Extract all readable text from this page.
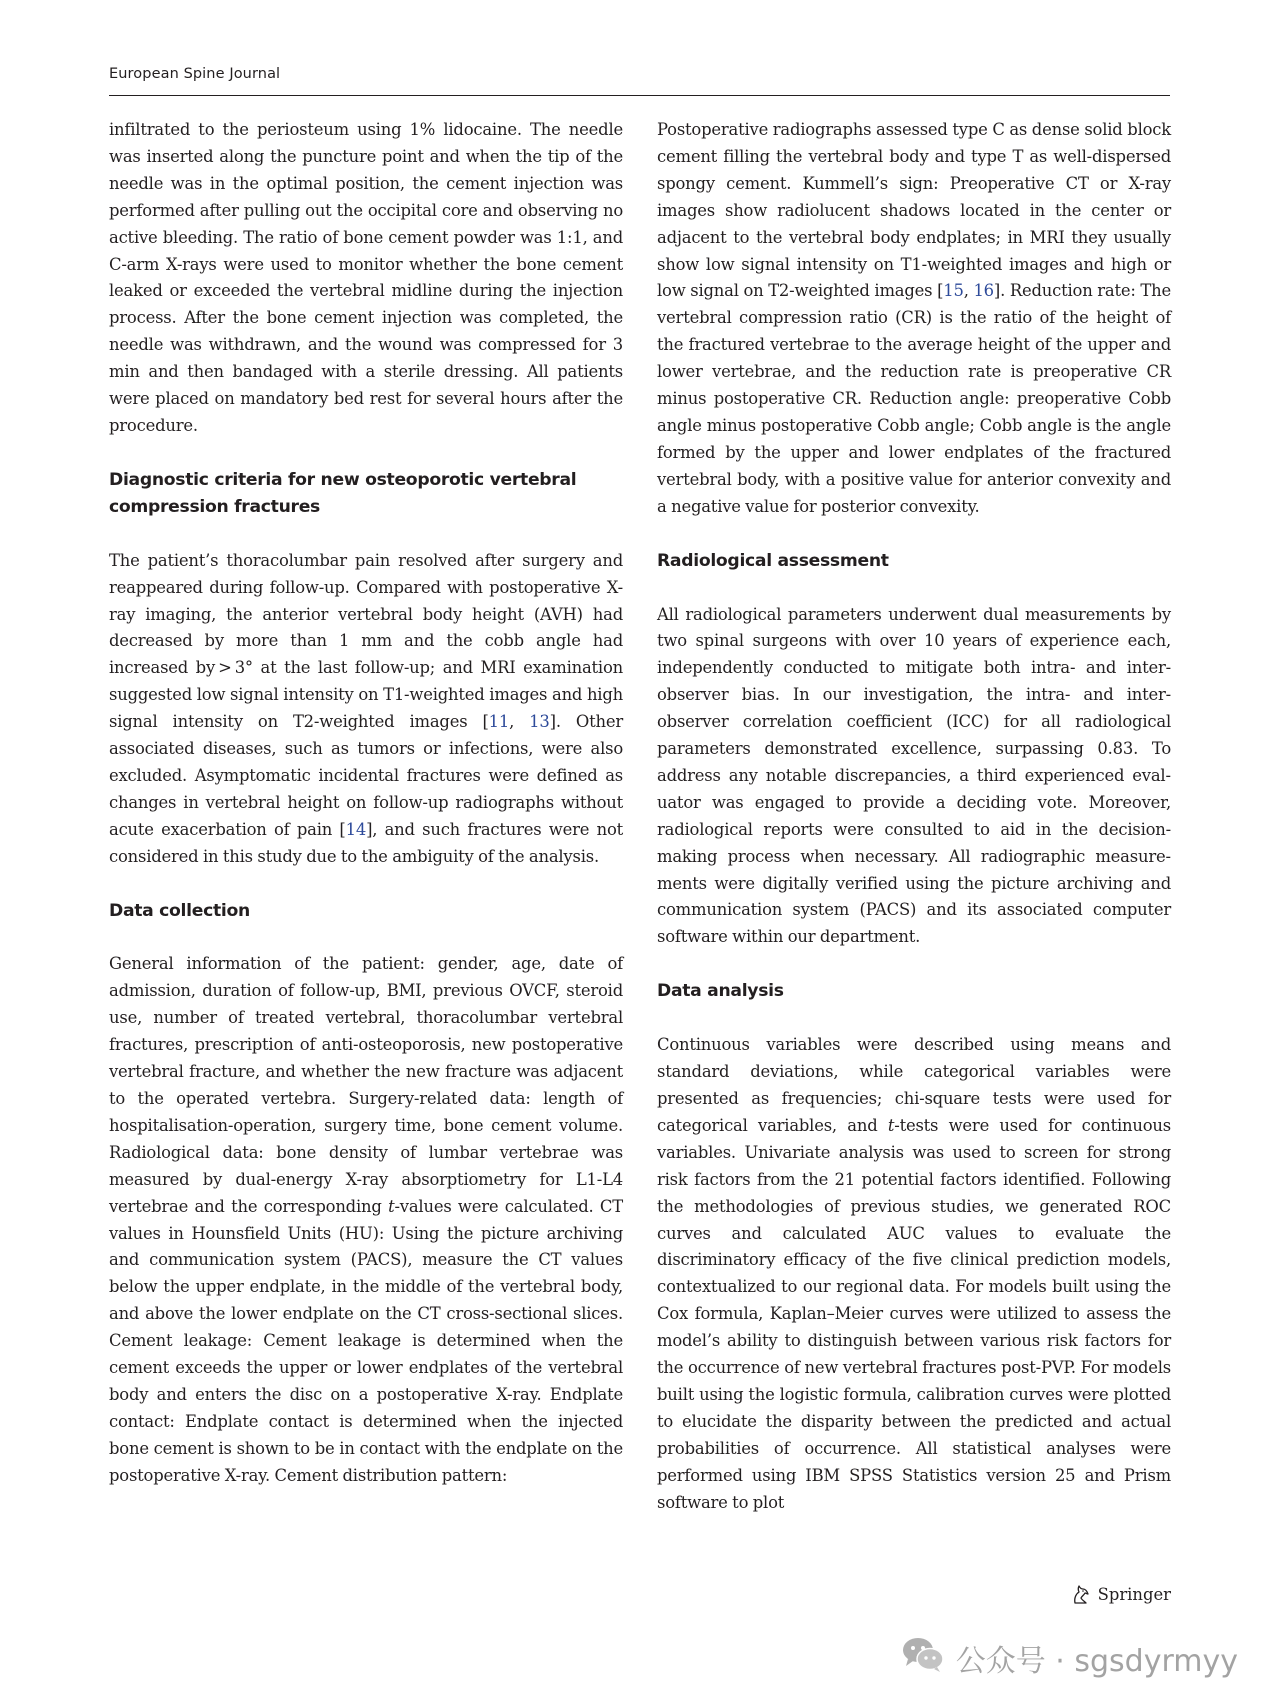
European Spine Journal

infiltrated to the periosteum using 1% lidocaine. The needle was inserted along the puncture point and when the tip of the needle was in the optimal position, the cement injection was performed after pulling out the occipital core and observing no active bleeding. The ratio of bone cement powder was 1:1, and C-arm X-rays were used to monitor whether the bone cement leaked or exceeded the vertebral midline during the injection process. After the bone cement injection was completed, the needle was withdrawn, and the wound was compressed for 3 min and then bandaged with a sterile dressing. All patients were placed on mandatory bed rest for several hours after the procedure.

Diagnostic criteria for new osteoporotic vertebral compression fractures

The patient’s thoracolumbar pain resolved after surgery and reappeared during follow-up. Compared with postoperative X-ray imaging, the anterior vertebral body height (AVH) had decreased by more than 1 mm and the cobb angle had increased by > 3° at the last follow-up; and MRI examination suggested low signal intensity on T1-weighted images and high signal intensity on T2-weighted images [11, 13]. Other associated diseases, such as tumors or infections, were also excluded. Asymptomatic incidental fractures were defined as changes in vertebral height on follow-up radiographs without acute exacerbation of pain [14], and such fractures were not considered in this study due to the ambiguity of the analysis.

Data collection

General information of the patient: gender, age, date of admission, duration of follow-up, BMI, previous OVCF, steroid use, number of treated vertebral, thoracolumbar vertebral fractures, prescription of anti-osteoporosis, new postoperative vertebral fracture, and whether the new fracture was adjacent to the operated vertebra. Surgery-related data: length of hospitalisation-operation, surgery time, bone cement volume. Radiological data: bone density of lumbar vertebrae was measured by dual-energy X-ray absorptiometry for L1-L4 vertebrae and the corresponding t-values were calculated. CT values in Hounsfield Units (HU): Using the picture archiving and communication system (PACS), measure the CT values below the upper endplate, in the middle of the vertebral body, and above the lower endplate on the CT cross-sectional slices. Cement leakage: Cement leakage is determined when the cement exceeds the upper or lower endplates of the vertebral body and enters the disc on a postoperative X-ray. Endplate contact: Endplate contact is determined when the injected bone cement is shown to be in contact with the endplate on the postoperative X-ray. Cement distribution pattern:

Postoperative radiographs assessed type C as dense solid block cement filling the vertebral body and type T as well-dispersed spongy cement. Kummell’s sign: Preoperative CT or X-ray images show radiolucent shadows located in the center or adjacent to the vertebral body endplates; in MRI they usually show low signal intensity on T1-weighted images and high or low signal on T2-weighted images [15, 16]. Reduction rate: The vertebral compression ratio (CR) is the ratio of the height of the fractured vertebrae to the average height of the upper and lower vertebrae, and the reduction rate is preoperative CR minus postoperative CR. Reduction angle: preoperative Cobb angle minus postoperative Cobb angle; Cobb angle is the angle formed by the upper and lower endplates of the fractured vertebral body, with a positive value for anterior convexity and a negative value for posterior convexity.

Radiological assessment

All radiological parameters underwent dual measurements by two spinal surgeons with over 10 years of experience each, independently conducted to mitigate both intra- and inter-observer bias. In our investigation, the intra- and inter-observer correlation coefficient (ICC) for all radiological parameters demonstrated excellence, surpassing 0.83. To address any notable discrepancies, a third experienced evaluator was engaged to provide a deciding vote. Moreover, radiological reports were consulted to aid in the decision-making process when necessary. All radiographic measurements were digitally verified using the picture archiving and communication system (PACS) and its associated computer software within our department.

Data analysis

Continuous variables were described using means and standard deviations, while categorical variables were presented as frequencies; chi-square tests were used for categorical variables, and t-tests were used for continuous variables. Univariate analysis was used to screen for strong risk factors from the 21 potential factors identified. Following the methodologies of previous studies, we generated ROC curves and calculated AUC values to evaluate the discriminatory efficacy of the five clinical prediction models, contextualized to our regional data. For models built using the Cox formula, Kaplan–Meier curves were utilized to assess the model’s ability to distinguish between various risk factors for the occurrence of new vertebral fractures post-PVP. For models built using the logistic formula, calibration curves were plotted to elucidate the disparity between the predicted and actual probabilities of occurrence. All statistical analyses were performed using IBM SPSS Statistics version 25 and Prism software to plot

Springer
公众号 · sgsdyrmyy
